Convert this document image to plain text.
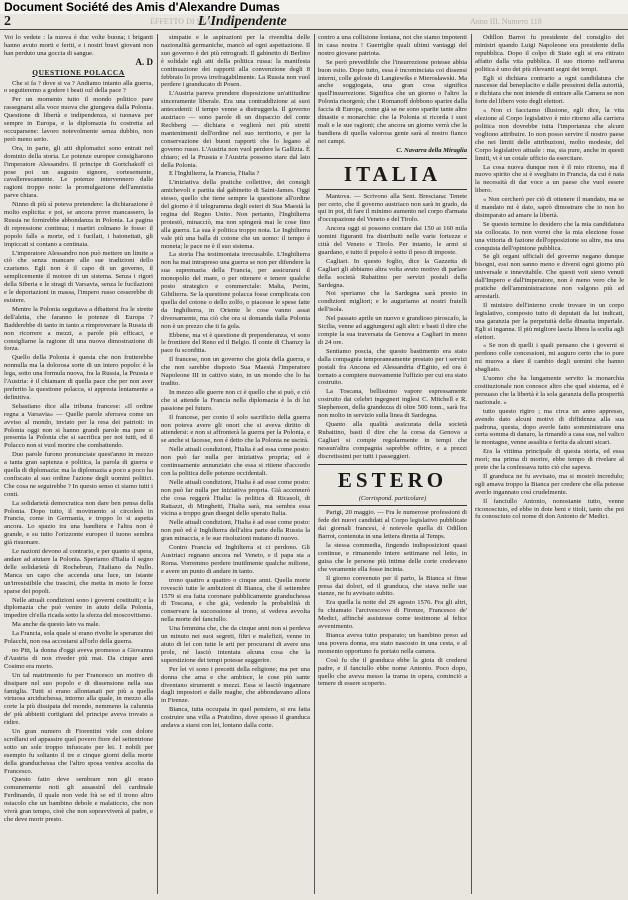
Document Société des Amis d'Alexandre Dumas
2	EFFETTO DI STA
L'Indipendente	Anno III. Numero 118

Voi lo vedete : la nuova è duc volte buona; i briganti hanno avuto morti e feriti, e i nostri bravi giovani non han perduto una goccia di sangue.

A. D
QUESTIONE POLACCA

Che si fa ? dove si va ? Andiamo intanto alla guerra, o seguiteremo a godere i beati ozî della pace ?

Per un momento tutto il mondo politico pare rassegnarsi alla voce nuova che giungeva dalla Polonia. Questione di libertà e indipendenza, si tuonava per sempre in Europa, e la diplomazia fu costretta ad occuparsene: lavoro notevolmente senza dubbio, non però meno serio.

Ora, in parte, gli atti diplomatici sono entrati nel dominio della storia. Le potenze europee consigliarono l'imperatore Alessandro. Il principe di Gortchakoff ci pose poi un augusto signore, cortesemente, cavallerescamente. Le potenze intervennero dalle ragioni troppo note: la promulgazione dell'amnistia parve chiara.

Ninno di più sì poteva pretendere: la dichiarazione è molto esplicita: e poi, se ancora prove mancassero, la Russia ne fornirebbe abbondanza in Polonia. La pagina di repressione continua; i martiri colmano le fosse: il popolo falls a morte, ed i fucilati, i baionettati, gli impiccati si contano a centinaia.

L'imperatore Alessandro non può mettere un limite a ciò che senza mancare alle sue tradizioni dello czarismo. Egli non è il capo di un governo, il semplicemente il motore di un sistema. Senza i rigori della Siberia e le stragi di Varsavia, senza le fucilazioni e le deportazioni in massa, l'impero russo cesserebbe di esistere.

Mentre la Polonia seguitava a dibattersi fra le strette dell'aletta, che faranno le potenze di Europa ? Badderebbe di tanto in tanto a rimproverare la Russia di non ricorrere a mezzi, a parole più efficaci, e consigliarne la ragione di una nuova dimostrazione di forza.

Quello della Polonia è questa che non frutterebbe nonnulla ma la dolorosa sorte di un intero popolo: è la lega, sotto una formula nuova, fra la Russia, la Prussia e l'Austria: è il chiamare di quella pace che per non aver preferito la questione polacca, si appresta lentamente a definitiva.

Sebastiano dice alla tribuna francese: «Il ordine regna a Varsavia» — Quelle parole sferrava come un avviso al mondo, inviato per la resa dei patrioti: in Polonia oggi non si hanno grandi parole ma pure si presenta la Polonia che si sacrifica per noi tutti, ed il Polacco non si vuol morire che combattendo.

Duo parole furono pronunciate quest'anno in mezzo a tanta gran sapienza e politica, la parola di guerra e quella di diplomazia: ma la diplomazia a poco a poco ha confiscato al suo ordine l'azione degli uomini politici. Che cosa ne seguirebbe ? In questo senso ci siamo tutti i conti.

La solidarietà democratica non dare ben pensa della Polonia. Dopo tutto, il movimento si circolerà in Francia, come in Germania, e troppo lo si aspetta ancora. Lo spazio tra una bandiera e l'altra non è grande, e su tutto l'orizzonte europeo il tuono sembra già risuonare.

Le nazioni devono al contrario, e per quanto si spera, andare ad aiutare la Polonia. Speriamo d'Italia il segno delle solidarietà di Rochebrun, l'italiano da Nullo. Manca un capo che accenda una luce, un istante un'irresistibile che trascini, che metta in moto le forze sparse dei popoli.

Nelle attuali condizioni sono i governi costituiti; e la diplomazia che può venire in aiuto della Polonia, impedire ch'ella ricada sotto la sferza del moscovitismo.

Ma anche da questo lato va male.

La Francia, sola quale si erano rivolte le speranze dei Polacchi, non osa accostarsi all'orlo della guerra.

no Pitt, la donna d'oggi aveva promesso a Giovanna d'Austria di non riveder più mai. Da cinque anni Cosimo era morto.

Un tal matrimonio fu per Francesco un motivo di dissipare nel suo popolo e di dissensione nella sua famiglia. Tutti si erano allontanati per più a quella virtuosa arciduchessa, intorno alla quale, in mezzo alla corte la più dissipata del mondo, nemmeno la calunnia de' più abbietti cortigiani del principe aveva trovato a ridire.

Un gran numero di Fiorentini vide con dolore scrollarsi ed appassire quel povero fiore del settentrione sotto un sole troppo infuocato per lei. I nobili per esempio fu soltanto il tre e cinque giorni della morte della granduchessa che l'altro sposa veniva accolta da Francesco.

Questo fatto deve sembrare non gli erano comunemente noti gli assassinî del cardinale Ferdinando, il quale non vede frà se ed il trono altro ostacolo che un bambino debole e malaticcio, che non vivrà gran tempo, cioè che non sopravviverà al padre, e che deve morir presto.

simpatie e le aspirazioni per la rivendita delle nazionalità germaniche, mancò ad ogni aspettazione. Il suo governo è dei più retrogradi. Il gabinetto di Berlino è solidale egli atti della politica russa: la manifesta continuazione dei rapporti alla convenzione degli 8 febbraio lo prova irrefragabilmente. La Russia non vuol perdere i granducato di Posen.

L'Austria pareva prendere disposizione un'attitudine sinceramente liberale. Era una contraddizione ai suoi antecedenti: il tempo venne a distruggerla. Il governo austriaco — sono parole di un dispaccio del conte Rechberg — dichiara e veglierà nei più stretti mantenimenti dell'ordine nel suo territorio, e per la conservazione dei buoni rapporti che lo legano al governo russo. L'Austria non vuol perdere la Gallizia. È chiaro; ed la Prussia e l'Austria possono stare dal lato della Polonia.

E l'Inghilterra, la Francia, l'Italia ?

L'iniziativa della pratiche collettive, dei consigli amichevoli e partita dal gabinetto di Saint-James. Oggi stesso, quello che tiene sempre la questione all'ordine del giorno è il telegramma degli esteri di Sua Maestà la regina del Regno Unito. Non pertanto, l'Inghilterra protestò, minacciò, ma non spingerà mai le cose fino alla guerra. La sua è politica troppo nota. Le Inghilterra vale più una balla di cotone che un uomo: il tempo è moneta; le pace ne è il suo sistema.

La storia l'ha testimoniata irrecusabile. L'Inghilterra non ha mai intrapreso una guerra se non per difendere la sua supremazia della Francia, per assicurarsi il monopolio del mare, o per ottenere e tenere qualche posto strategico e commerciale: Malta, Perim, Gibilterra. Se la questione polacca fosse complicata con quella del cotone o dello zolfo, o piacesse le spese fatte da Inghilterra, in Oriente le cose vanno assai diversamente, ma ciò che ora si domanda dalla Polonia non è un prezzo che ti fa gola.

Ebbene, ma vi è questione di prependeranza, vi sono le frontiere del Reno ed il Belgio. Il conte di Chamzy la pace fu sconfitta.

Il francese, non un governo che gioia della guerra, e che non sarebbe disposto Sua Maestà l'imperatore Napoleone III in cattivo stato, in un mondo che lo ha tradito.

In mezzo alle guerre non ci è quello che si può, e ciò che si attende la Francia nella diplomazia è la di lui passione pel futuro.

Il francese, per conto il solo sacrificio della guerra non poteva avere gli onori che si aveva diritto di attendersi: e non si affronterà la guerra per la Polonia, e se anche si facesse, non è detto che la Polonia ne uscirà.

Nelle attuali condizioni, l'Italia è ad essa come posto: non può far nulla per iniziativa propria; ed è continuamente annunziato che essa si ritiene d'accordo con la politica delle potenze occidentali.

Nelle attuali condizioni, l'Italia è ad esse come posto: non può far nulla per iniziativa propria. Già accennerò che cosa reggerà l'Italia: la politica di Ricasoli, di Rattazzi, di Minghetti, l'Italia sarà, ma sembra essa vicina a troppo gran disegni dello sperato Italia.

Nelle attuali condizioni, l'Italia è ad esse come posto: non può ed è Inghilterra dell'altra parte della Russia la gran minaccia, e le sue risoluzioni mutano di nuovo.

Contro Francia ed Inghilterra si ci perdono. Gli Austriaci regnano ancora nel Veneto, e il papa sta a Roma. Vorremmo perdere inutilmente qualche milione, e avere un punto di andare in tanto.

trono quattro a quattro o cinque anni. Quella morte rovesciò tutte le ambizioni di Bianca, che il settembre 1579 si era fatta coronare pubblicamente granduchessa di Toscana, e che già, vedendo la probabilità di conservare la successione al trono, si vedeva avvolta nella morte del fanciullo.

Una femmina che, che da cinque anni non si perdeva un minuto nei suoi segreti, filtri e malefizii, venne in aiuto di lei con tutte le arti per procurarsi di avere una prole, né lasciò intentata alcuna cosa che la superstizione dei tempi potesse suggerire.

Per lei vi sono i precetti della religione; ma per una donna che ama e che ambisce, le cose più sante diventano strumenti e mezzi. Essa si lasciò ingannare dagli impostori e dalle maghe, che abbondavano allora in Firenze.

Bianca, tutta occupata in quel pensiero, si era fatta costruire una villa a Pratolino, dove spesso il granduca andava a starsi con lei, lontano dalla corte.

contro a una collisione lontana, noi che siamo impotenti in casa nostra ! Guerriglie quali ultimi vantaggi del nostro giovane patriota.

Se però prevedibile che l'insurrezione potesse abbia buon esito. Dopo tutto, essa è incominciata coi dissensi interni, colle gelosie di Langiewiks e Mierosławski. Ma anche soggiogata, una gran cosa significa quell'insurrezione. Significa che un giorno o l'altro la Polonia risorgerà; che i Romanoff dobbono sparire dalla faccia di Europa, come già se ne sono sparite tante altre dinastie e monarchie: che la Polonia si ricorda i suoi mali e le sue ragioni; che ancora un giorno verrà che la bandiera di quella valorosa gente sarà al nostro fianco nei campi.

C. Navarra della Miraglia
ITALIA

Mantova. — Scrivono alla Sent. Bresciana: Tenete per certo, che il governo austriaco non sarà in grado, da qui in poi, di fare il minimo aumento nel corpo d'armata d'occupazione del Veneto e del Tirolo.

Ancora oggi si possono contare dai 150 ai 160 mila uomini figuranti fra distribuiti nelle varie fortezze e città del Veneto e Tirolo. Per intanto, le armi si guardano, e tutto il popolo è sotto il peso di imposte.

Cagliari. In questo foglio, dice la Gazzetta di Cagliari gli abbiamo altra volta avuto motivo di parlare della società Rubattino per servizi postali della Sardegna.

Noi speriamo che la Sardegna sarà presto in condizioni migliori; e lo auguriamo ai nostri fratelli dell'isola.

Nel passato aprile un nuovo e grandioso piroscafo, la Sicilia, venne ad aggiungersi agli altri: e basti il dire che compie la sua traversata da Genova a Cagliari in meno di 24 ore.

Sentiamo poscia, che questo bastimento era stato dalla compagnia temporaneamente prestato per i servizi postali fra Ancona ed Alessandria d'Egitto, ed ora è tornato a compiere nuovamente l'uffizio per cui era stato costruito.

La Toscana, bellissimo vapore espressamente costruito dai celebri ingegneri inglesi C. Mitchell e R. Stephenson, della grandezza di oltre 500 tonn., sarà fra non molto in servizio sulla linea di Sardegna.

Quanto alla qualità assicurata della società Rubattino, basti il dire che la corsa da Genova a Cagliari si compie regolarmente in tempi che nessun'altra compagnia saprebbe offrire, e a prezzi discretissimi per tutti i passeggieri.

ESTERO
(Corrispond. particolare)

Parigi, 20 maggio. — Fra le numerose professioni di fede dei nuovi candidati al Corpo legislativo pubblicate dai giornali francesi, è notevole quella di Odillon Barrot, contenuta in una lettera diretta al Temps.

la stessa commedia, fingendo indisposizioni quasi continue, e rimanendo intere settimane nel letto, in guisa che le persone più intime delle corte credevano che veramente ella fosse incinta.

Il giorno convenuto per il parto, la Bianca si finse presa dai dolori, ed il granduca, che stava nelle sue stanze, ne fu avvisato subito.

Era quella la notte del 29 agosto 1576. Fra gli altri, fu chiamato l'arcivescovo di Firenze, Francesco de' Medici, affinché assistesse come testimone al felice avvenimento.

Bianca aveva tutto preparato; un bambino preso ad una povera donna, era stato nascosto in una cesta, e al momento opportuno fu portato nella camera.

Così fu che il granduca ebbe la gioia di credersi padre, e il fanciullo ebbe nome Antonio. Poco dopo, quello che aveva messo la trama in opera, cominciò a temere di essere scoperto.

Odillon Barrot fu presidente del consiglio dei ministri quando Luigi Napoleone era presidente della repubblica. Dopo il colpo di Stato egli si era ritirato affatto dalla vita pubblica. Il suo ritorno nell'arena politica è uno dei più rilevanti segni dei tempi.

Egli si dichiara contrario a ogni candidatura che nascesse dal beneplacito e dalle pressioni della autorità, e dichiara che non intende di entrare alla Camera se non forte del libero voto degli elettori.

« Non ci facciamo illusione, egli dice, la vita elezione al Corpo legislativo è mio ritorno alla carriera politica non dovrebbe tutta l'importanza che alcuni vogliono attribuire. Io non posso servire il nostro paese che nei limiti delle attribuzioni, molto modeste, del Corpo legislativo attuale : ma, sia pure, anche in questi limiti, vi è un cotale ufficio da esercitare.

La cosa nuova dunque non è il mio ritorno, ma il nuovo spirito che si è svegliato in Francia, da cui è nata la necessità di dar voce a un paese che vuol essere libero.

« Non cercherò per ciò di ottenere il mandato, ma se il mandato mi è dato, saprò dimostrare che io non ho disimparato ad amare la libertà.

Se questo termine lo desidero che la mia candidatura sia collocata. Io non vorrei che la mia elezione fosse una vittoria di fazione dell'opposizione su altre, ma una conquista dell'opinione pubblica.

Se gli organi ufficiali del governo negano dunque bisogni, essi non sanno meno e diversi ogni giorno più universale e innevitabile. Che questi voti sieno venuti dall'Impero e dall'imperatore, non è meno vero che le pratiche dell'amministrazione non valgono più ad arrestarli.

Il ministro dell'interno crede trovare in un corpo legislativo, composto tutto di deputati da lui indicati, una garanzia per la perpetuità della dinastia imperiale. Egli si inganna. Il più migliore lascia libera la scelta agli elettori.

« Se non di quelli i quali pensano che i governi si perdono colle concessioni, mi auguro certo che io pure mi muova a dare il cambio degli uomini che hanno sbagliato.

L'uomo che ha lungamente servito la monarchia costituzionale non conosce altro che quel sistema, ed è persuaso che la libertà è la sola garanzia della prosperità nazionale. »

tutto questo rigiro ; ma circa un anno appresso, avendo dato alcuni motivi di diffidenza alla sua padrona, questa, dopo averle fatto somministrare una certa somma di danaro, la rimandò a casa sua, nel valico le montagne, venne assalita e ferita da alcuni sicari.

Era la vittima principale di questa storia, ed essa morì; ma prima di morire, ebbe tempo di rivelare al prete che la confessava tutto ciò che sapeva.

Il granduca ne fu avvisato, ma si mostrò incredulo; egli amava troppo la Bianca per credere che ella potesse averlo ingannato così crudelmente.

Il fanciullo Antonio, nonostante tutto, venne riconosciuto, ed ebbe in dote beni e titoli, tanto che poi fu conosciuto col nome di don Antonio de' Medici.
